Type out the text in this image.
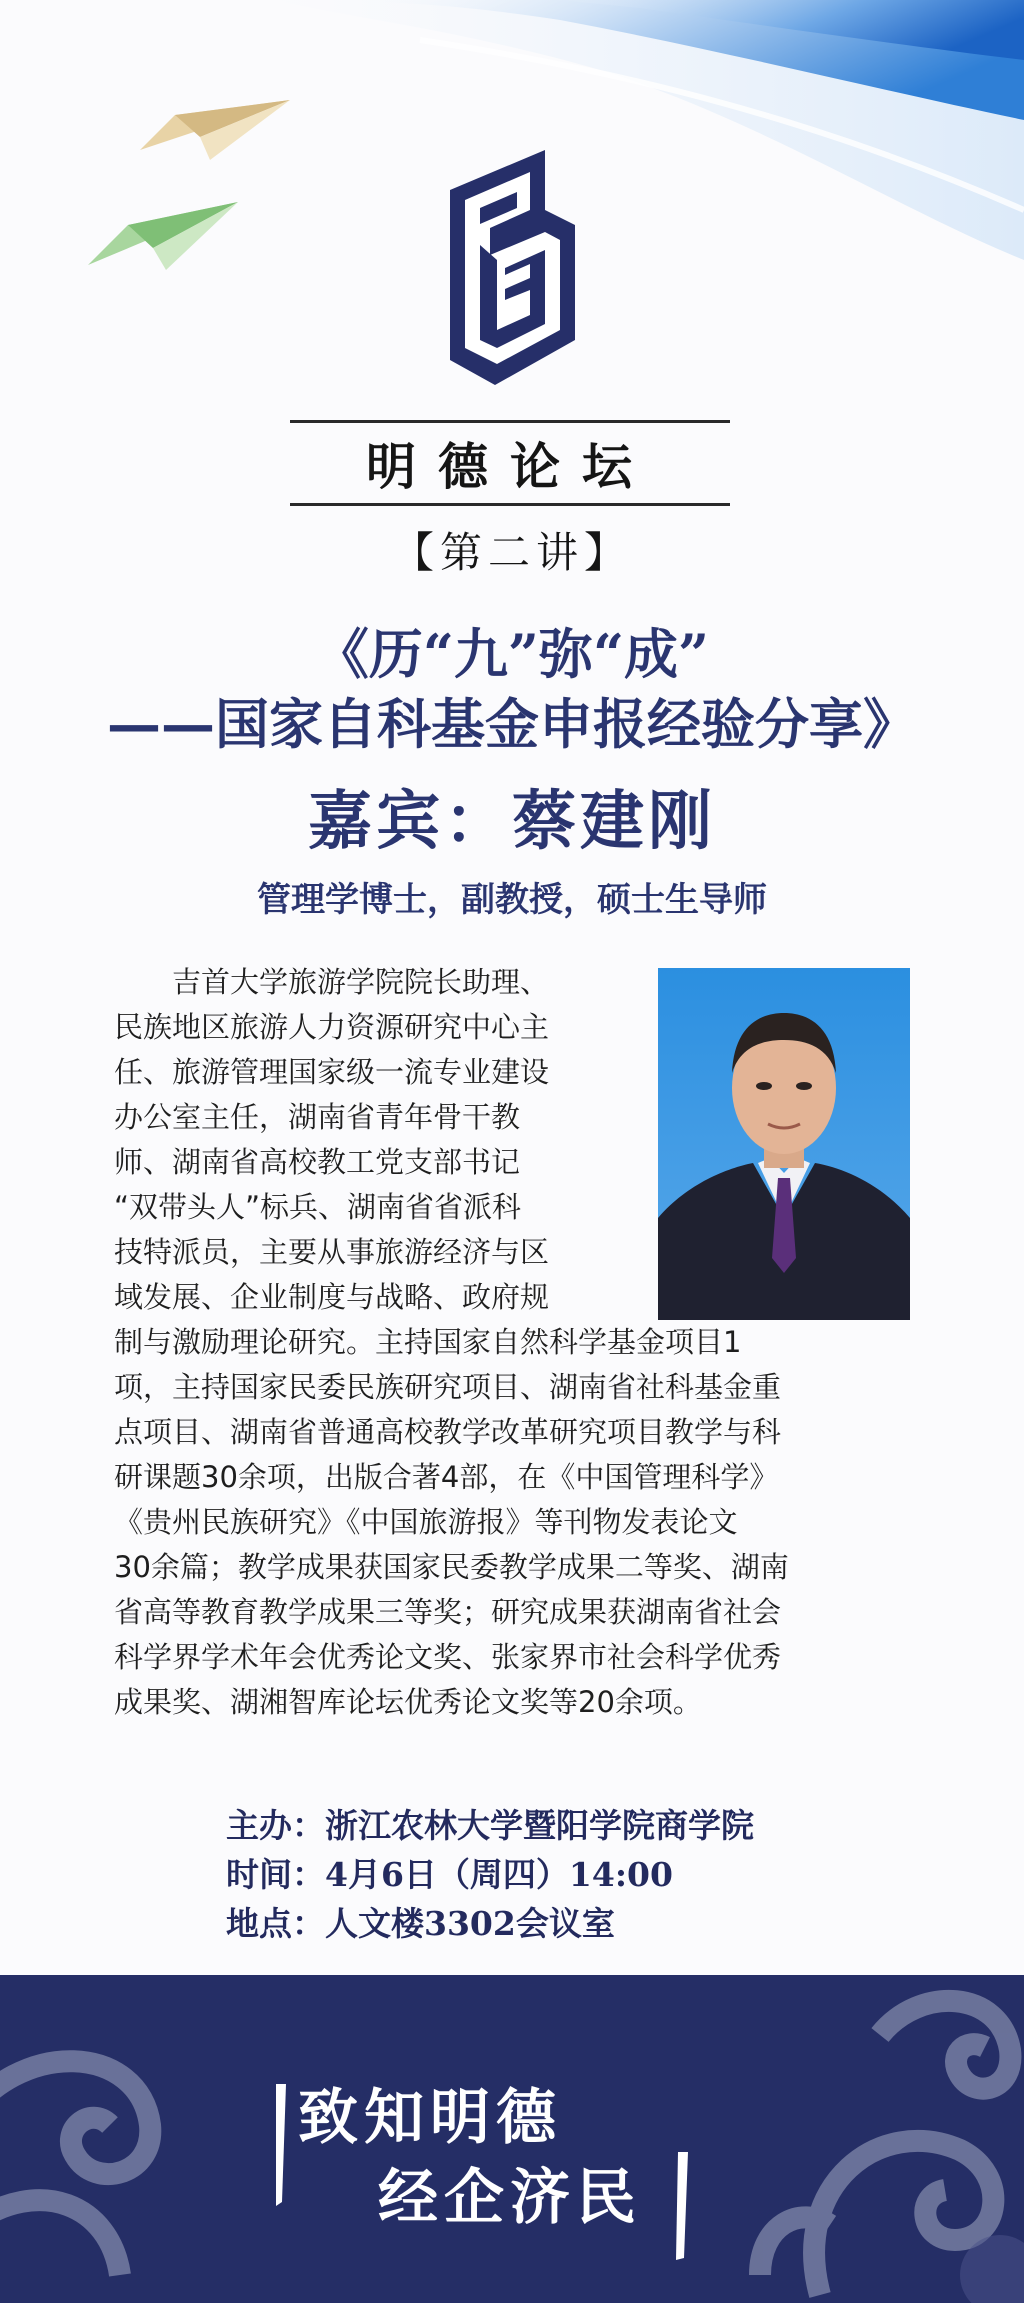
明德论坛
【第二讲】
《历“九”弥“成”
——国家自科基金申报经验分享》
嘉宾：蔡建刚
管理学博士，副教授，硕士生导师
　　吉首大学旅游学院院长助理、
民族地区旅游人力资源研究中心主
任、旅游管理国家级一流专业建设
办公室主任，湖南省青年骨干教
师、湖南省高校教工党支部书记
“双带头人”标兵、湖南省省派科
技特派员，主要从事旅游经济与区
域发展、企业制度与战略、政府规
制与激励理论研究。主持国家自然科学基金项目1
项，主持国家民委民族研究项目、湖南省社科基金重
点项目、湖南省普通高校教学改革研究项目教学与科
研课题30余项，出版合著4部，在《中国管理科学》
《贵州民族研究》《中国旅游报》等刊物发表论文
30余篇；教学成果获国家民委教学成果二等奖、湖南
省高等教育教学成果三等奖；研究成果获湖南省社会
科学界学术年会优秀论文奖、张家界市社会科学优秀
成果奖、湖湘智库论坛优秀论文奖等20余项。
主办：浙江农林大学暨阳学院商学院
时间：4月6日（周四）14:00
地点：人文楼3302会议室
致知明德
经企济民
